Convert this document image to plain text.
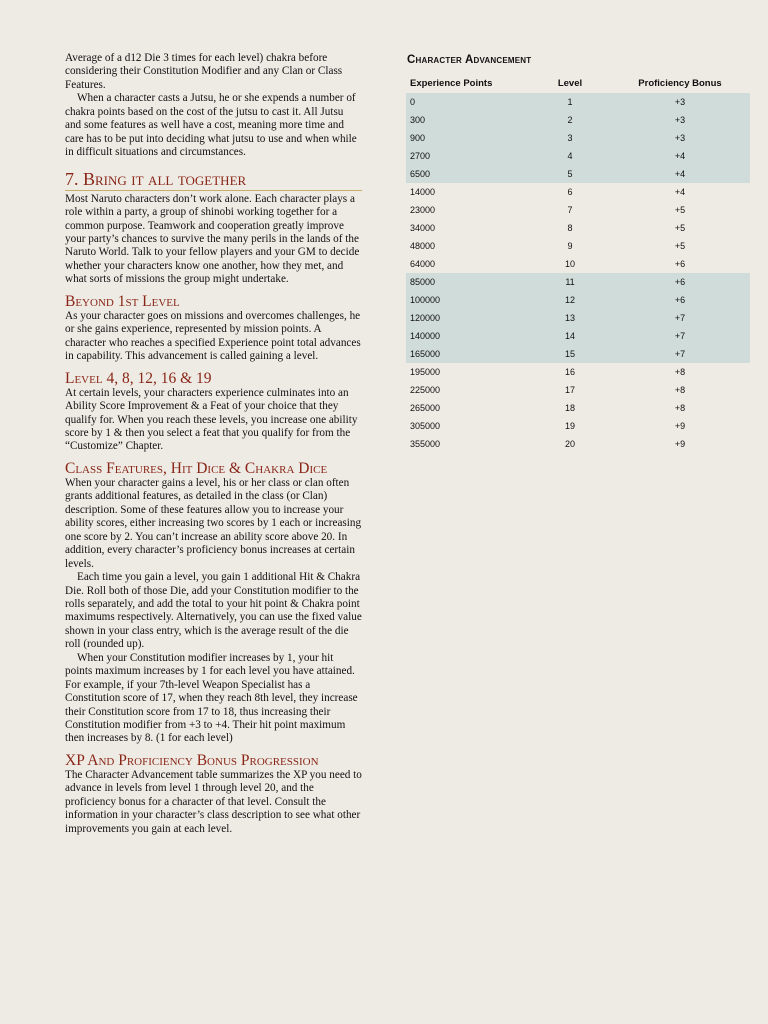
Average of a d12 Die 3 times for each level) chakra before considering their Constitution Modifier and any Clan or Class Features.

When a character casts a Jutsu, he or she expends a number of chakra points based on the cost of the jutsu to cast it. All Jutsu and some features as well have a cost, meaning more time and care has to be put into deciding what jutsu to use and when while in difficult situations and circumstances.

7. Bring it all together

Most Naruto characters don’t work alone. Each character plays a role within a party, a group of shinobi working together for a common purpose. Teamwork and cooperation greatly improve your party’s chances to survive the many perils in the lands of the Naruto World. Talk to your fellow players and your GM to decide whether your characters know one another, how they met, and what sorts of missions the group might undertake.

Beyond 1st Level

As your character goes on missions and overcomes challenges, he or she gains experience, represented by mission points. A character who reaches a specified Experience point total advances in capability. This advancement is called gaining a level.

Level 4, 8, 12, 16 & 19

At certain levels, your characters experience culminates into an Ability Score Improvement & a Feat of your choice that they qualify for. When you reach these levels, you increase one ability score by 1 & then you select a feat that you qualify for from the “Customize” Chapter.

Class Features, Hit Dice & Chakra Dice

When your character gains a level, his or her class or clan often grants additional features, as detailed in the class (or Clan) description. Some of these features allow you to increase your ability scores, either increasing two scores by 1 each or increasing one score by 2. You can’t increase an ability score above 20. In addition, every character’s proficiency bonus increases at certain levels.

Each time you gain a level, you gain 1 additional Hit & Chakra Die. Roll both of those Die, add your Constitution modifier to the rolls separately, and add the total to your hit point & Chakra point maximums respectively. Alternatively, you can use the fixed value shown in your class entry, which is the average result of the die roll (rounded up).

When your Constitution modifier increases by 1, your hit points maximum increases by 1 for each level you have attained. For example, if your 7th-level Weapon Specialist has a Constitution score of 17, when they reach 8th level, they increase their Constitution score from 17 to 18, thus increasing their Constitution modifier from +3 to +4. Their hit point maximum then increases by 8. (1 for each level)

XP And Proficiency Bonus Progression

The Character Advancement table summarizes the XP you need to advance in levels from level 1 through level 20, and the proficiency bonus for a character of that level. Consult the information in your character’s class description to see what other improvements you gain at each level.

Character Advancement
Experience Points	Level	Proficiency Bonus
0	1	+3
300	2	+3
900	3	+3
2700	4	+4
6500	5	+4
14000	6	+4
23000	7	+5
34000	8	+5
48000	9	+5
64000	10	+6
85000	11	+6
100000	12	+6
120000	13	+7
140000	14	+7
165000	15	+7
195000	16	+8
225000	17	+8
265000	18	+8
305000	19	+9
355000	20	+9
